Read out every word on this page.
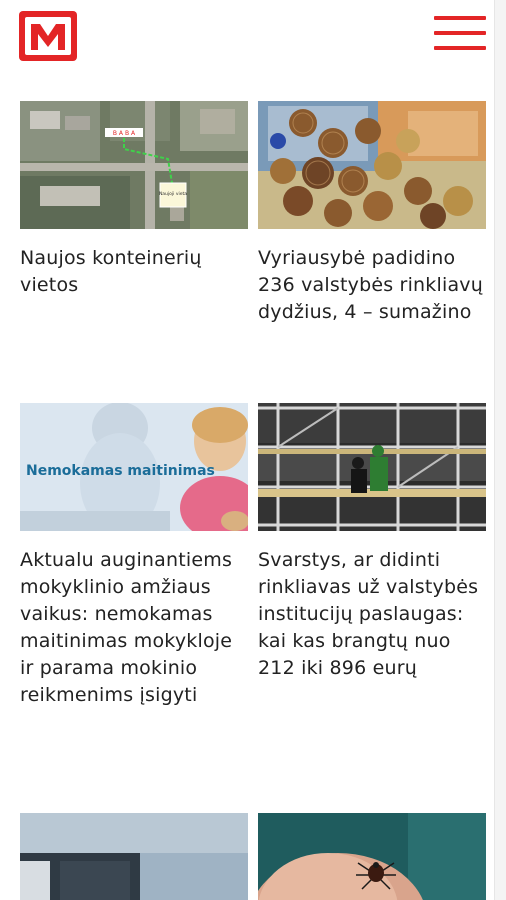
B A B A
Naujoji vieta
Naujos konteinerių vietos
Vyriausybė padidino 236 valstybės rinkliavų dydžius, 4 – sumažino
Nemokamas maitinimas
Aktualu auginantiems mokyklinio amžiaus vaikus: nemokamas maitinimas mokykloje ir parama mokinio reikmenims įsigyti
Svarstys, ar didinti rinkliavas už valstybės institucijų paslaugas: kai kas brangtų nuo 212 iki 896 eurų
